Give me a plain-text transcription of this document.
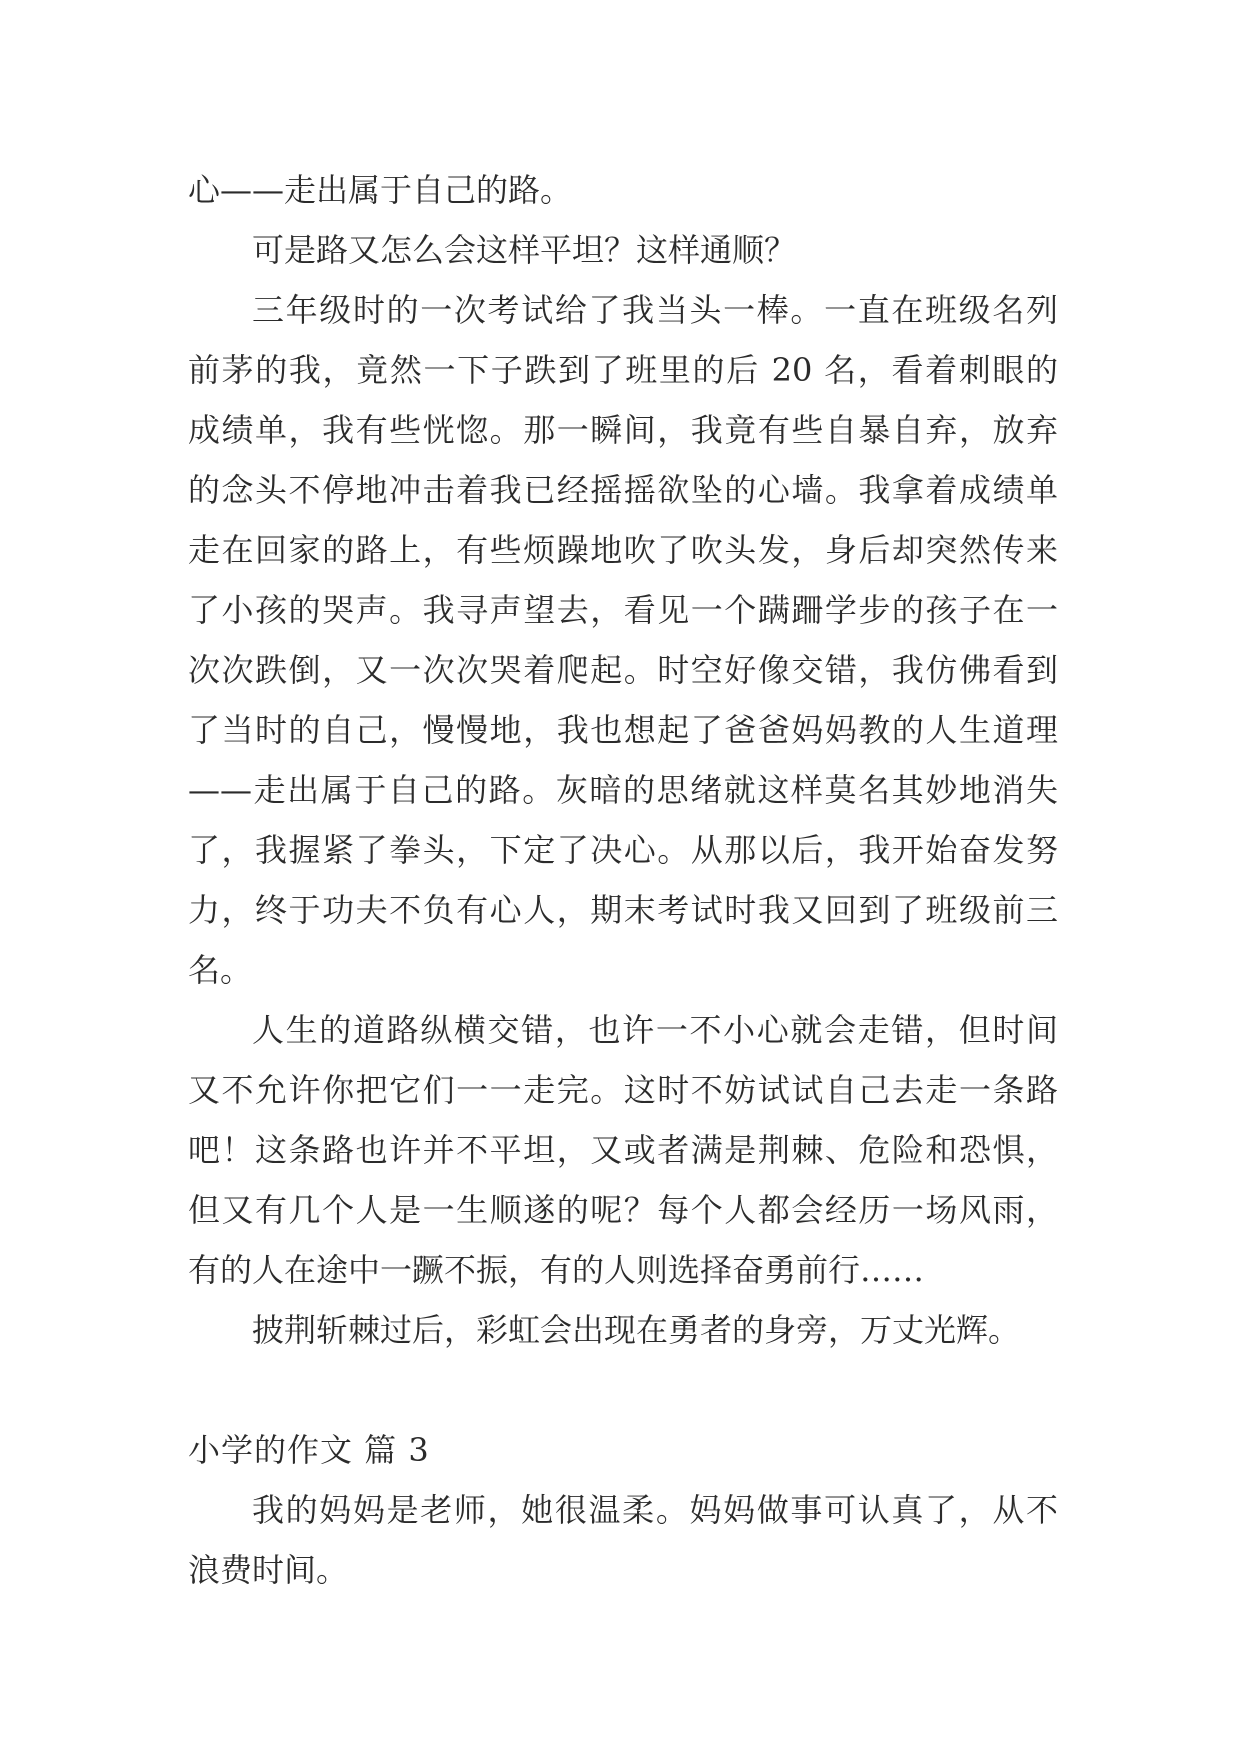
心——走出属于自己的路。
可是路又怎么会这样平坦？这样通顺？
三年级时的一次考试给了我当头一棒。一直在班级名列
前茅的我，竟然一下子跌到了班里的后 20 名，看着刺眼的
成绩单，我有些恍惚。那一瞬间，我竟有些自暴自弃，放弃
的念头不停地冲击着我已经摇摇欲坠的心墙。我拿着成绩单
走在回家的路上，有些烦躁地吹了吹头发，身后却突然传来
了小孩的哭声。我寻声望去，看见一个蹒跚学步的孩子在一
次次跌倒，又一次次哭着爬起。时空好像交错，我仿佛看到
了当时的自己，慢慢地，我也想起了爸爸妈妈教的人生道理
——走出属于自己的路。灰暗的思绪就这样莫名其妙地消失
了，我握紧了拳头，下定了决心。从那以后，我开始奋发努
力，终于功夫不负有心人，期末考试时我又回到了班级前三
名。
人生的道路纵横交错，也许一不小心就会走错，但时间
又不允许你把它们一一走完。这时不妨试试自己去走一条路
吧！这条路也许并不平坦，又或者满是荆棘、危险和恐惧，
但又有几个人是一生顺遂的呢？每个人都会经历一场风雨，
有的人在途中一蹶不振，有的人则选择奋勇前行……
披荆斩棘过后，彩虹会出现在勇者的身旁，万丈光辉。
小学的作文 篇 3
我的妈妈是老师，她很温柔。妈妈做事可认真了，从不
浪费时间。
